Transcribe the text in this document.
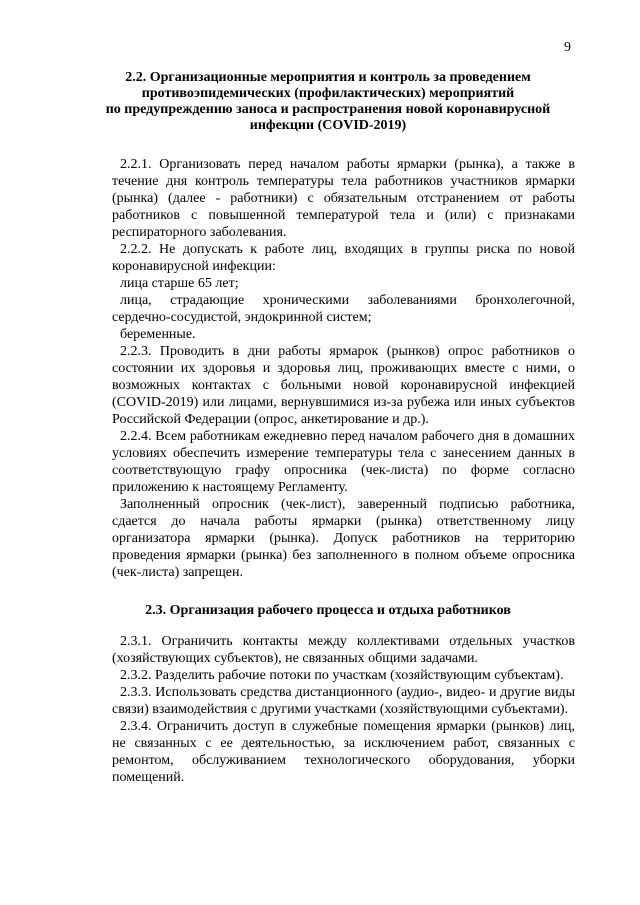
9
2.2. Организационные мероприятия и контроль за проведением
противоэпидемических (профилактических) мероприятий
по предупреждению заноса и распространения новой коронавирусной
инфекции (COVID-2019)

2.2.1. Организовать перед началом работы ярмарки (рынка), а также в течение дня контроль температуры тела работников участников ярмарки (рынка) (далее - работники) с обязательным отстранением от работы работников с повышенной температурой тела и (или) с признаками респираторного заболевания.

2.2.2. Не допускать к работе лиц, входящих в группы риска по новой коронавирусной инфекции:

лица старше 65 лет;

лица, страдающие хроническими заболеваниями бронхолегочной, сердечно-сосудистой, эндокринной систем;

беременные.

2.2.3. Проводить в дни работы ярмарок (рынков) опрос работников о состоянии их здоровья и здоровья лиц, проживающих вместе с ними, о возможных контактах с больными новой коронавирусной инфекцией (COVID-2019) или лицами, вернувшимися из-за рубежа или иных субъектов Российской Федерации (опрос, анкетирование и др.).

2.2.4. Всем работникам ежедневно перед началом рабочего дня в домашних условиях обеспечить измерение температуры тела с занесением данных в соответствующую графу опросника (чек-листа) по форме согласно приложению к настоящему Регламенту.

Заполненный опросник (чек-лист), заверенный подписью работника, сдается до начала работы ярмарки (рынка) ответственному лицу организатора ярмарки (рынка). Допуск работников на территорию проведения ярмарки (рынка) без заполненного в полном объеме опросника (чек-листа) запрещен.

2.3. Организация рабочего процесса и отдыха работников

2.3.1. Ограничить контакты между коллективами отдельных участков (хозяйствующих субъектов), не связанных общими задачами.

2.3.2. Разделить рабочие потоки по участкам (хозяйствующим субъектам).

2.3.3. Использовать средства дистанционного (аудио-, видео- и другие виды связи) взаимодействия с другими участками (хозяйствующими субъектами).

2.3.4. Ограничить доступ в служебные помещения ярмарки (рынков) лиц, не связанных с ее деятельностью, за исключением работ, связанных с ремонтом, обслуживанием технологического оборудования, уборки помещений.
